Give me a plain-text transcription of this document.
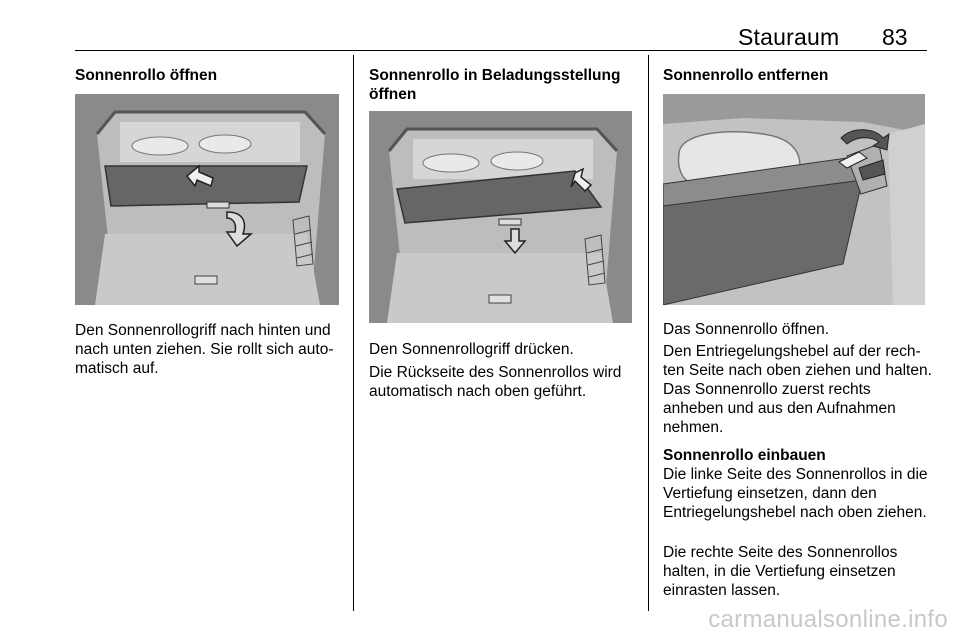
Stauraum 83
Sonnenrollo öffnen
Den Sonnenrollogriff nach hinten und nach unten ziehen. Sie rollt sich automatisch auf.
Sonnenrollo in Beladungsstellung öffnen
Den Sonnenrollogriff drücken.
Die Rückseite des Sonnenrollos wird automatisch nach oben geführt.
Sonnenrollo entfernen
Das Sonnenrollo öffnen.
Den Entriegelungshebel auf der rechten Seite nach oben ziehen und halten. Das Sonnenrollo zuerst rechts anheben und aus den Aufnahmen nehmen.
Sonnenrollo einbauen
Die linke Seite des Sonnenrollos in die Vertiefung einsetzen, dann den Entriegelungshebel nach oben ziehen.
Die rechte Seite des Sonnenrollos halten, in die Vertiefung einsetzen einrasten lassen.
carmanualsonline.info
